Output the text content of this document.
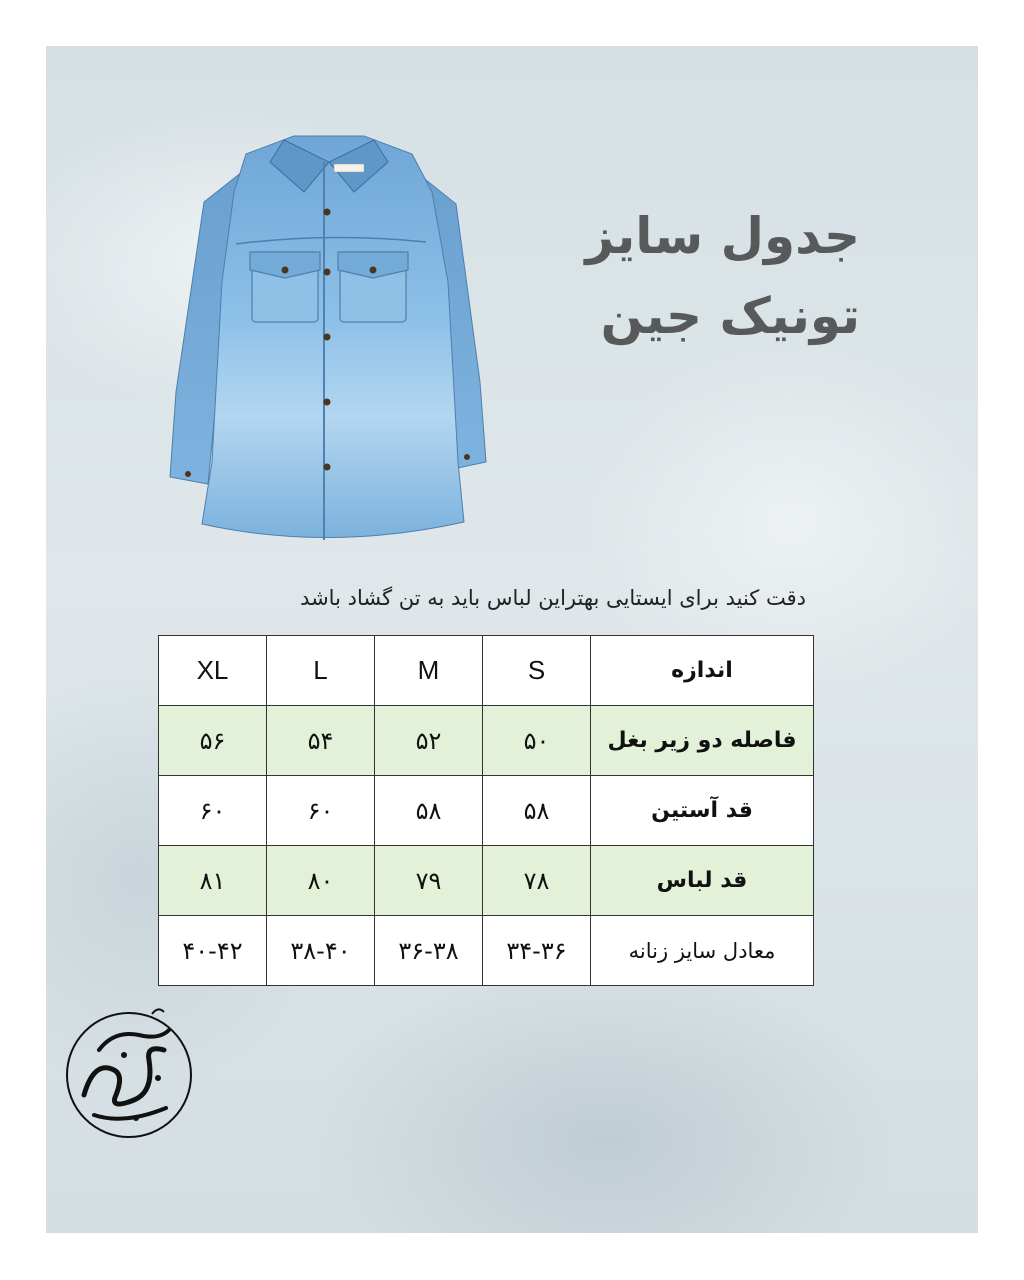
جدول سایز
تونیک جین
دقت کنید برای ایستایی بهتراین لباس باید به تن گشاد باشد
XL	L	M	S	اندازه
۵۶	۵۴	۵۲	۵۰	فاصله دو زیر بغل
۶۰	۶۰	۵۸	۵۸	قد آستین
۸۱	۸۰	۷۹	۷۸	قد لباس
۴۰-۴۲	۳۸-۴۰	۳۶-۳۸	۳۴-۳۶	معادل سایز زنانه
